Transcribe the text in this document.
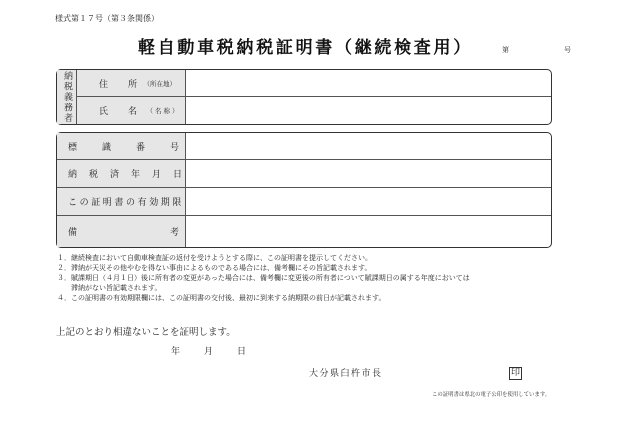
様式第１７号（第３条関係）
軽自動車税納税証明書（継続検査用）	第	号
納税義務者	住　所 （所在地）
氏　名 （名称）
標　識　番　号
納　税　済　年　月　日
この証明書の有効期限
備　　考
１．継続検査において自動車検査証の返付を受けようとする際に、この証明書を提示してください。
２．滞納が天災その他やむを得ない事由によるものである場合には、備考欄にその旨記載されます。
３．賦課期日（４月１日）後に所有者の変更があった場合には、備考欄に変更後の所有者について賦課期日の属する年度においては
滞納がない旨記載されます。
４．この証明書の有効期限欄には、この証明書の交付後、最初に到来する納期限の前日が記載されます。
上記のとおり相違ないことを証明します。
年　　月　　日
大分県臼杵市長	印
この証明書は県北の電子公印を使用しています。
